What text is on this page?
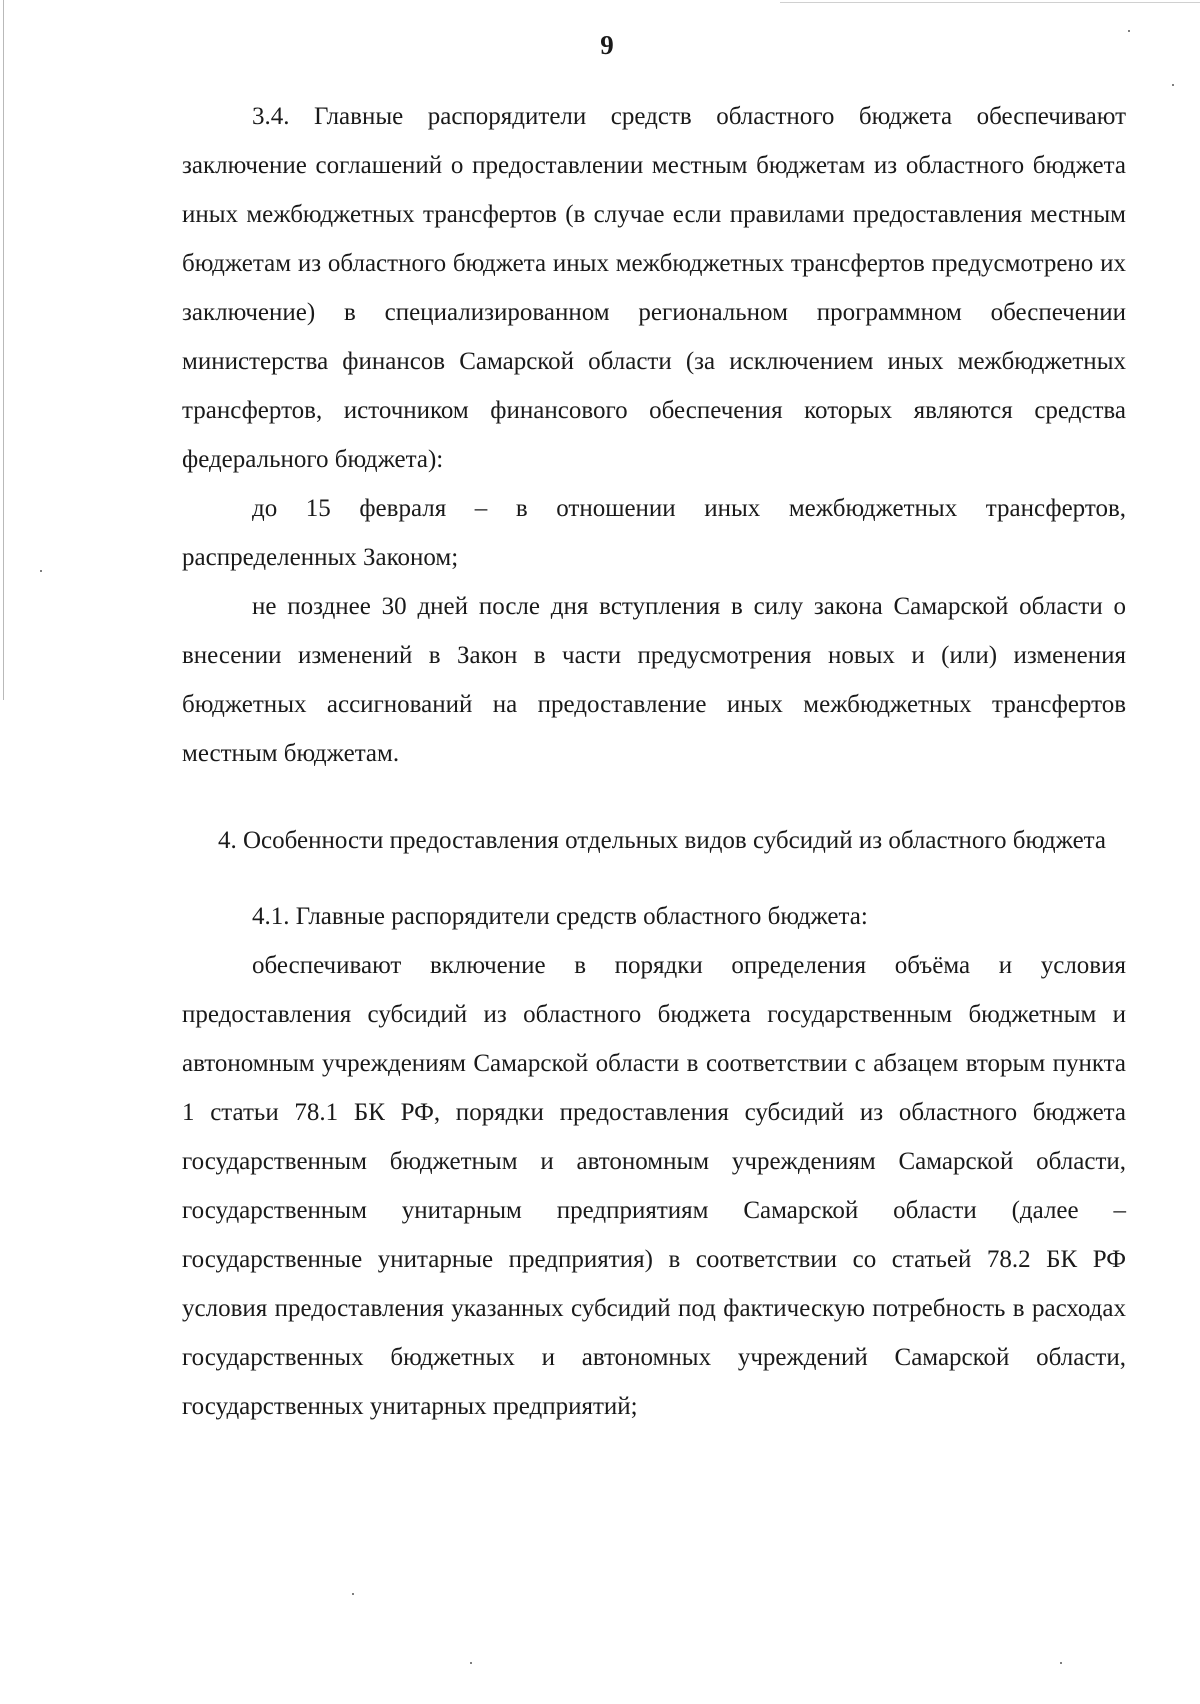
9

3.4. Главные распорядители средств областного бюджета обеспечивают заключение соглашений о предоставлении местным бюджетам из областного бюджета иных межбюджетных трансфертов (в случае если правилами предоставления местным бюджетам из областного бюджета иных межбюджетных трансфертов предусмотрено их заключение) в специализированном региональном программном обеспечении министерства финансов Самарской области (за исключением иных межбюджетных трансфертов, источником финансового обеспечения которых являются средства федерального бюджета):

до 15 февраля – в отношении иных межбюджетных трансфертов, распределенных Законом;

не позднее 30 дней после дня вступления в силу закона Самарской области о внесении изменений в Закон в части предусмотрения новых и (или) изменения бюджетных ассигнований на предоставление иных межбюджетных трансфертов местным бюджетам.

4. Особенности предоставления отдельных видов субсидий из областного бюджета

4.1. Главные распорядители средств областного бюджета:

обеспечивают включение в порядки определения объёма и условия предоставления субсидий из областного бюджета государственным бюджетным и автономным учреждениям Самарской области в соответствии с абзацем вторым пункта 1 статьи 78.1 БК РФ, порядки предоставления субсидий из областного бюджета государственным бюджетным и автономным учреждениям Самарской области, государственным унитарным предприятиям Самарской области (далее – государственные унитарные предприятия) в соответствии со статьей 78.2 БК РФ условия предоставления указанных субсидий под фактическую потребность в расходах государственных бюджетных и автономных учреждений Самарской области, государственных унитарных предприятий;
